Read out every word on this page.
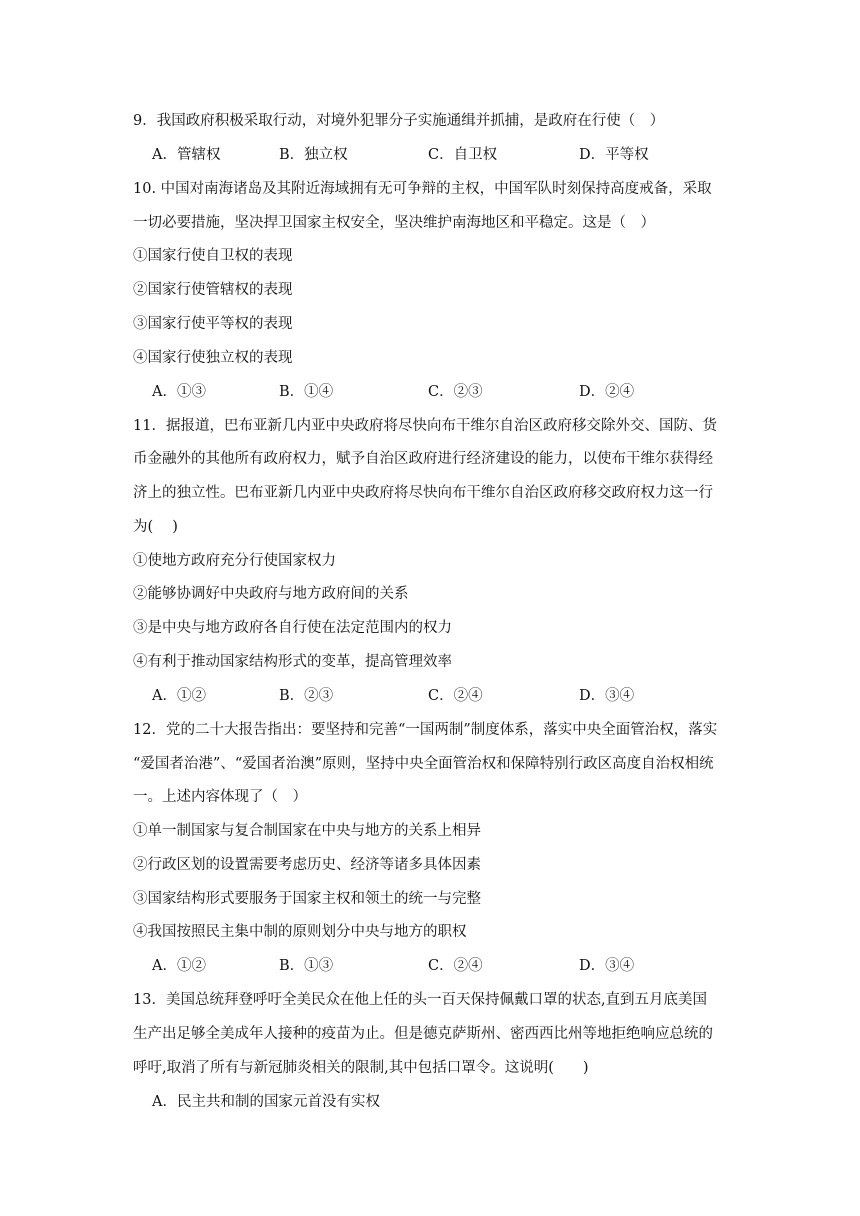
9．我国政府积极采取行动，对境外犯罪分子实施通缉并抓捕，是政府在行使（　）
A．管辖权	B．独立权	C．自卫权	D．平等权
10. 中国对南海诸岛及其附近海域拥有无可争辩的主权，中国军队时刻保持高度戒备，采取
一切必要措施，坚决捍卫国家主权安全，坚决维护南海地区和平稳定。这是（　）
①国家行使自卫权的表现
②国家行使管辖权的表现
③国家行使平等权的表现
④国家行使独立权的表现
A．①③	B．①④	C．②③	D．②④
11．据报道，巴布亚新几内亚中央政府将尽快向布干维尔自治区政府移交除外交、国防、货
币金融外的其他所有政府权力，赋予自治区政府进行经济建设的能力，以使布干维尔获得经
济上的独立性。巴布亚新几内亚中央政府将尽快向布干维尔自治区政府移交政府权力这一行
为(　 )
①使地方政府充分行使国家权力
②能够协调好中央政府与地方政府间的关系
③是中央与地方政府各自行使在法定范围内的权力
④有利于推动国家结构形式的变革，提高管理效率
A．①②	B．②③	C．②④	D．③④
12．党的二十大报告指出：要坚持和完善“一国两制”制度体系，落实中央全面管治权，落实
“爱国者治港”、“爱国者治澳”原则，坚持中央全面管治权和保障特别行政区高度自治权相统
一。上述内容体现了（　）
①单一制国家与复合制国家在中央与地方的关系上相异
②行政区划的设置需要考虑历史、经济等诸多具体因素
③国家结构形式要服务于国家主权和领土的统一与完整
④我国按照民主集中制的原则划分中央与地方的职权
A．①②	B．①③	C．②④	D．③④
13．美国总统拜登呼吁全美民众在他上任的头一百天保持佩戴口罩的状态,直到五月底美国
生产出足够全美成年人接种的疫苗为止。但是德克萨斯州、密西西比州等地拒绝响应总统的
呼吁,取消了所有与新冠肺炎相关的限制,其中包括口罩令。这说明(　　)
A．民主共和制的国家元首没有实权
